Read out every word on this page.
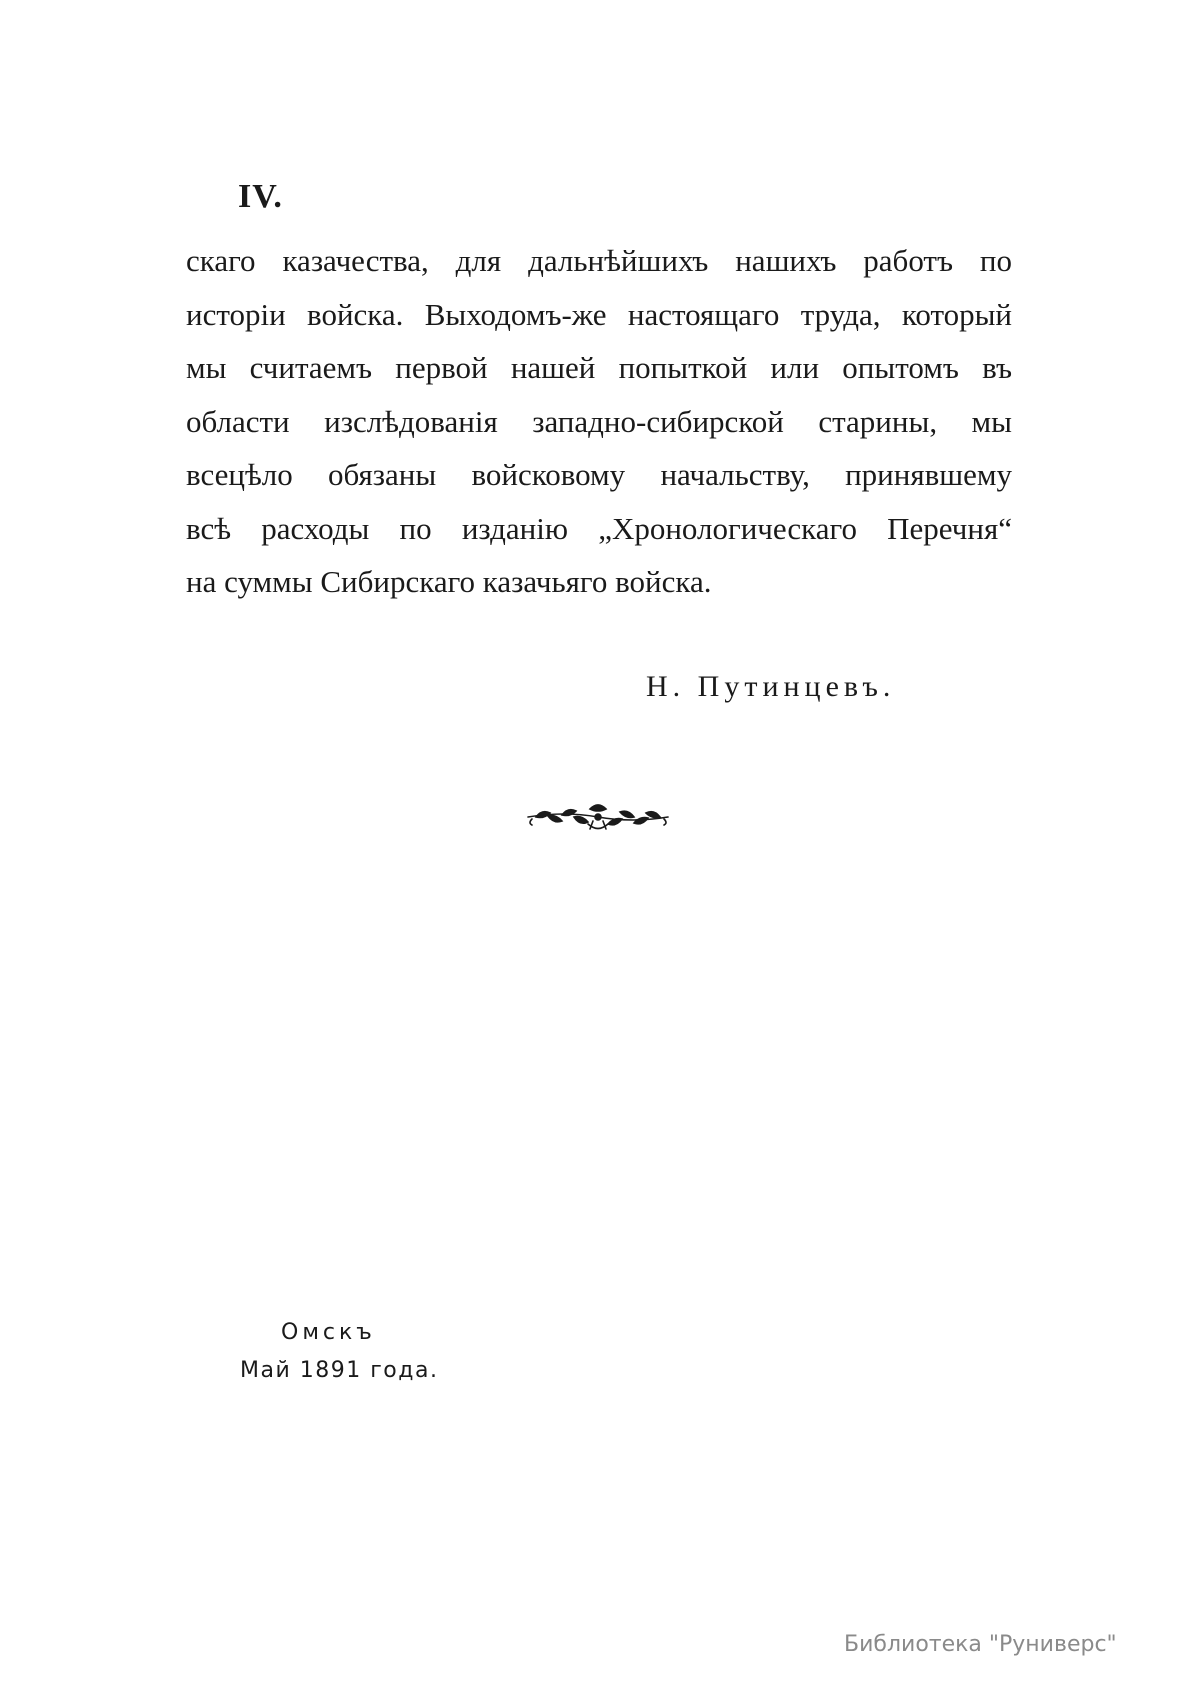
IV.
скаго казачества, для дальнѣйшихъ нашихъ работъ по
исторіи войска. Выходомъ-же настоящаго труда, который
мы считаемъ первой нашей попыткой или опытомъ въ
области изслѣдованія западно-сибирской старины, мы
всецѣло обязаны войсковому начальству, принявшему
всѣ расходы по изданію „Хронологическаго Перечня“
на суммы Сибирскаго казачьяго войска.
Н. Путинцевъ.
Омскъ
Май 1891 года.
Библиотека "Руниверс"
